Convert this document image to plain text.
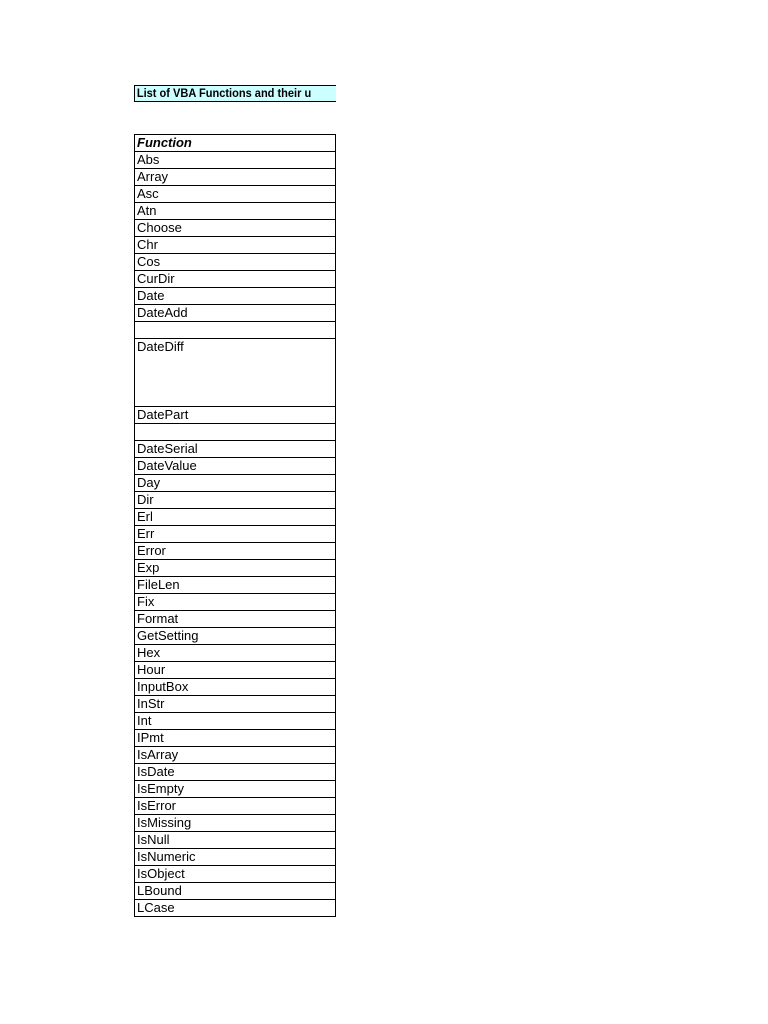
List of VBA Functions and their u
Function
Abs
Array
Asc
Atn
Choose
Chr
Cos
CurDir
Date
DateAdd

DateDiff
DatePart

DateSerial
DateValue
Day
Dir
Erl
Err
Error
Exp
FileLen
Fix
Format
GetSetting
Hex
Hour
InputBox
InStr
Int
IPmt
IsArray
IsDate
IsEmpty
IsError
IsMissing
IsNull
IsNumeric
IsObject
LBound
LCase
